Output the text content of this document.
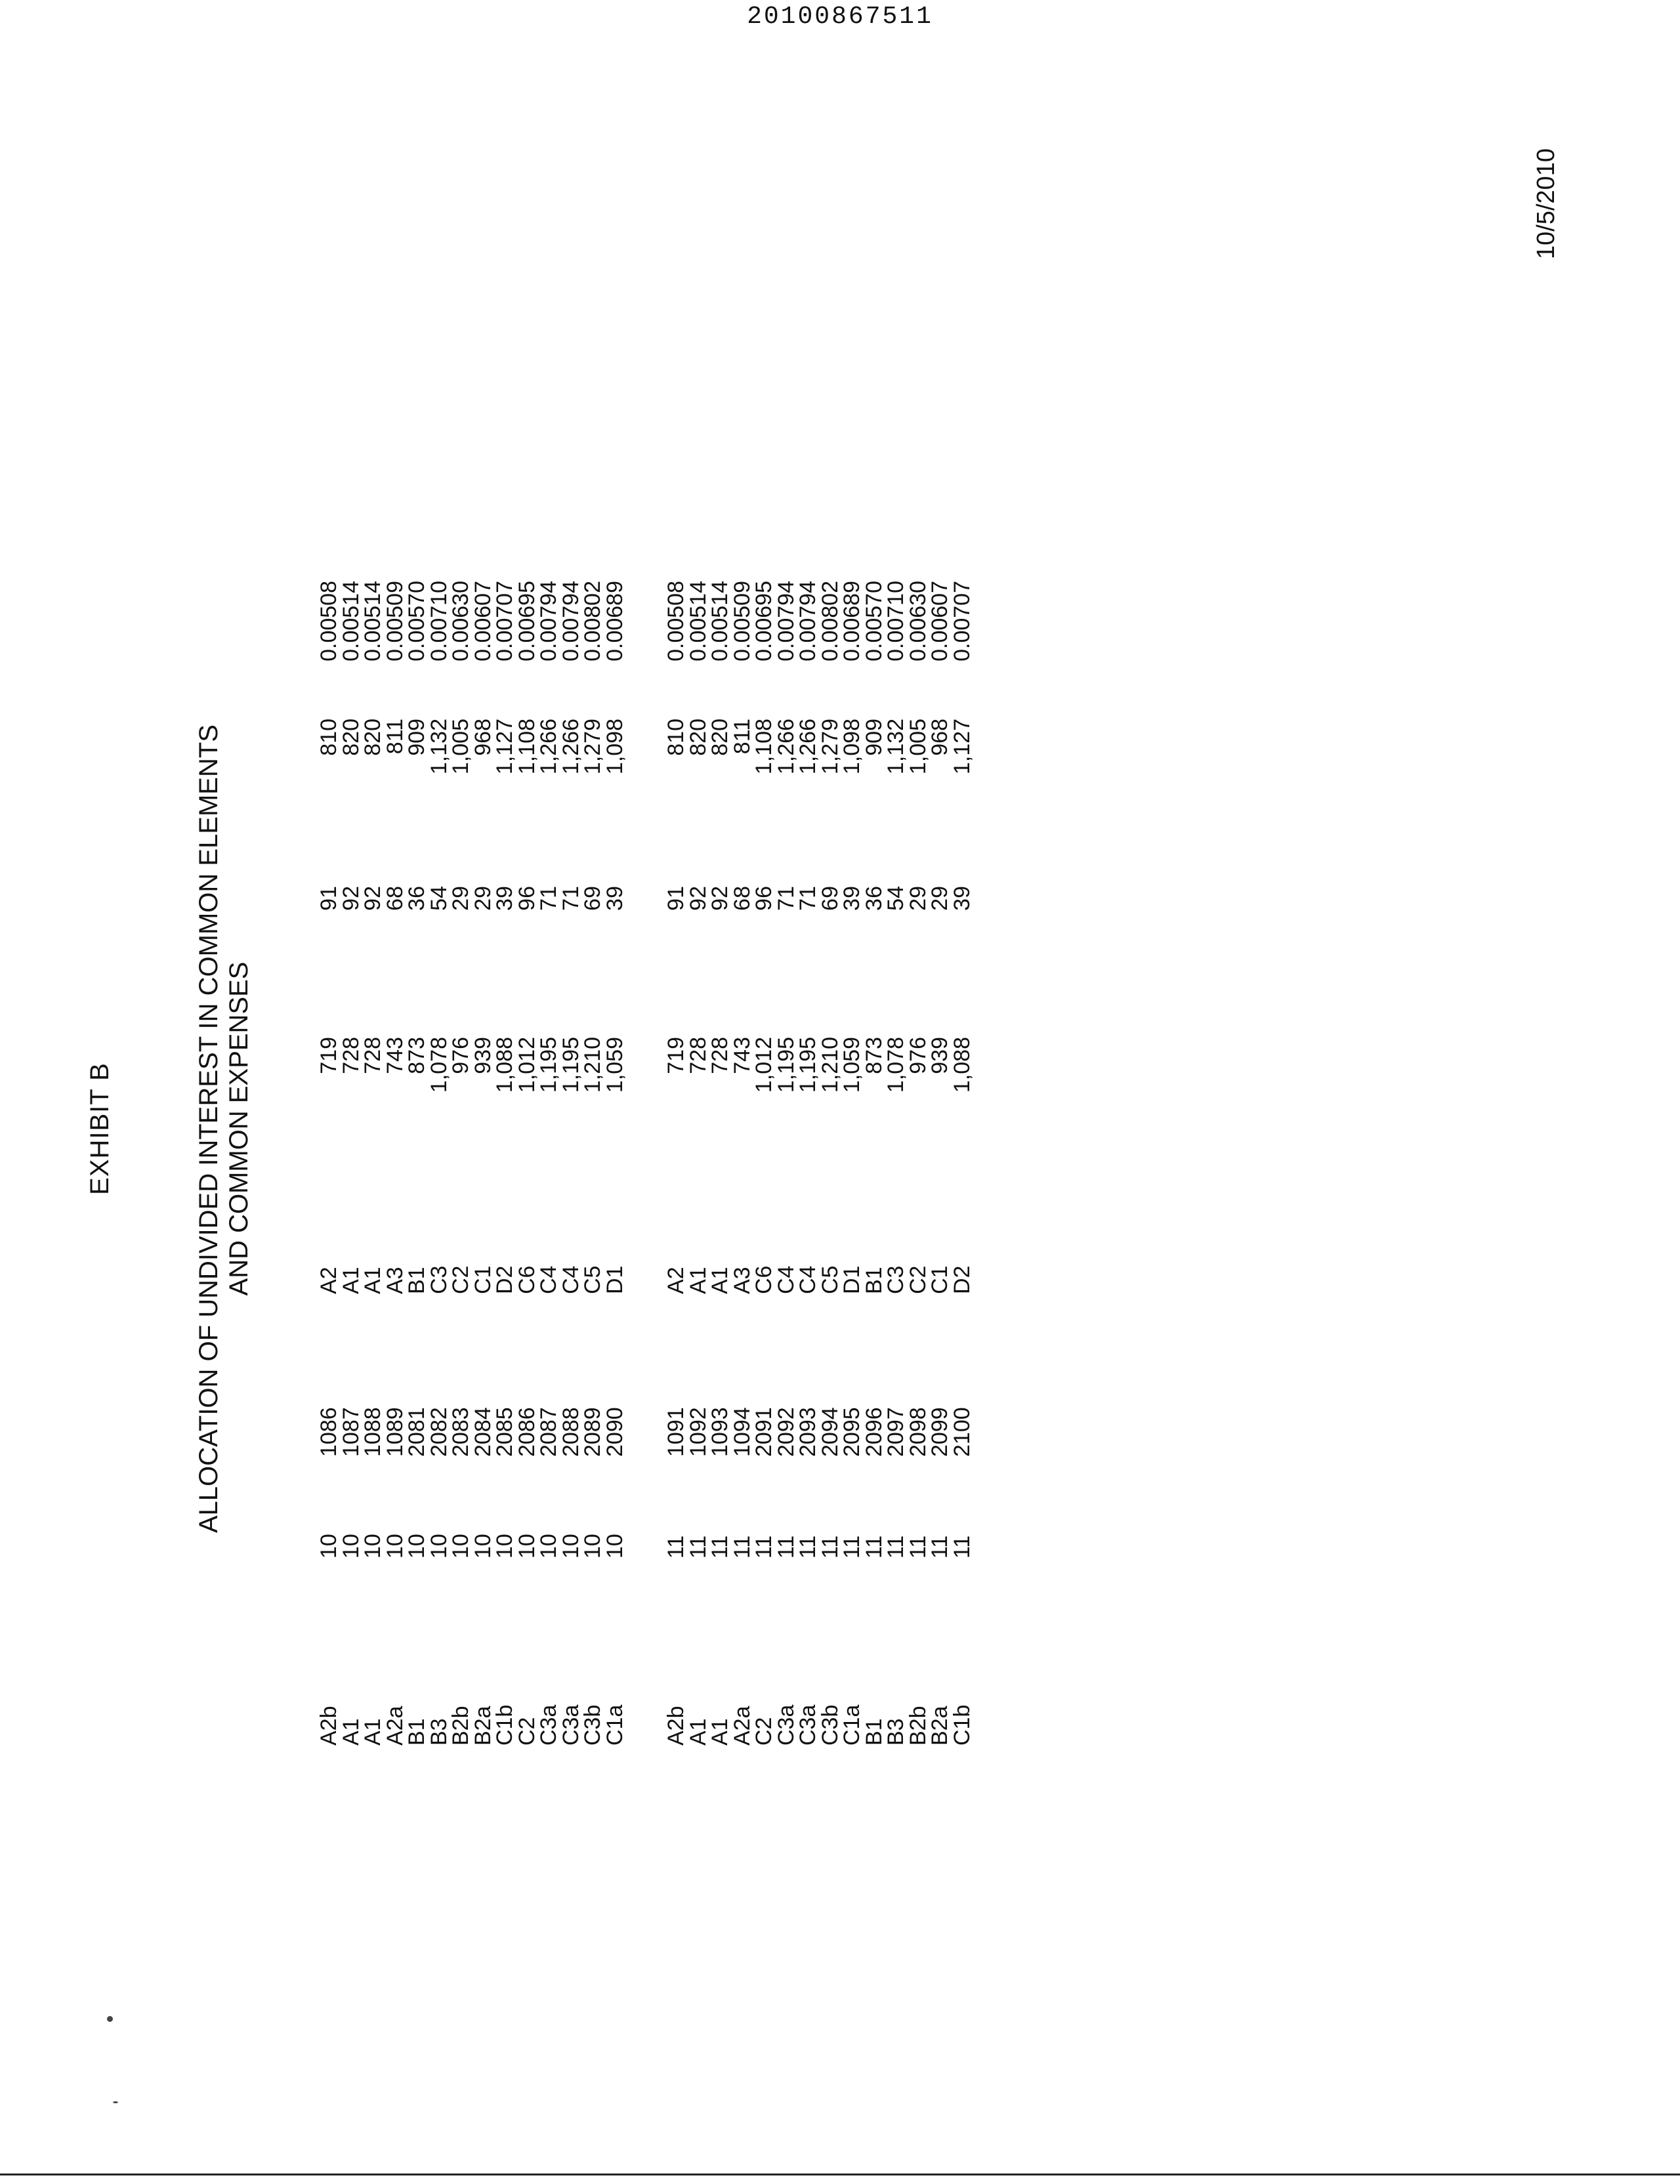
20100867511
EXHIBIT B	ALLOCATION OF UNDIVIDED INTEREST IN COMMON ELEMENTS AND COMMON EXPENSES
A2b
10
1086
A2
719
91
810
0.00508
A1
10
1087
A1
728
92
820
0.00514
A1
10
1088
A1
728
92
820
0.00514
A2a
10
1089
A3
743
68
811
0.00509
B1
10
2081
B1
873
36
909
0.00570
B3
10
2082
C3
1,078
54
1,132
0.00710
B2b
10
2083
C2
976
29
1,005
0.00630
B2a
10
2084
C1
939
29
968
0.00607
C1b
10
2085
D2
1,088
39
1,127
0.00707
C2
10
2086
C6
1,012
96
1,108
0.00695
C3a
10
2087
C4
1,195
71
1,266
0.00794
C3a
10
2088
C4
1,195
71
1,266
0.00794
C3b
10
2089
C5
1,210
69
1,279
0.00802
C1a
10
2090
D1
1,059
39
1,098
0.00689
A2b
11
1091
A2
719
91
810
0.00508
A1
11
1092
A1
728
92
820
0.00514
A1
11
1093
A1
728
92
820
0.00514
A2a
11
1094
A3
743
68
811
0.00509
C2
11
2091
C6
1,012
96
1,108
0.00695
C3a
11
2092
C4
1,195
71
1,266
0.00794
C3a
11
2093
C4
1,195
71
1,266
0.00794
C3b
11
2094
C5
1,210
69
1,279
0.00802
C1a
11
2095
D1
1,059
39
1,098
0.00689
B1
11
2096
B1
873
36
909
0.00570
B3
11
2097
C3
1,078
54
1,132
0.00710
B2b
11
2098
C2
976
29
1,005
0.00630
B2a
11
2099
C1
939
29
968
0.00607
C1b
11
2100
D2
1,088
39
1,127
0.00707
10/5/2010
